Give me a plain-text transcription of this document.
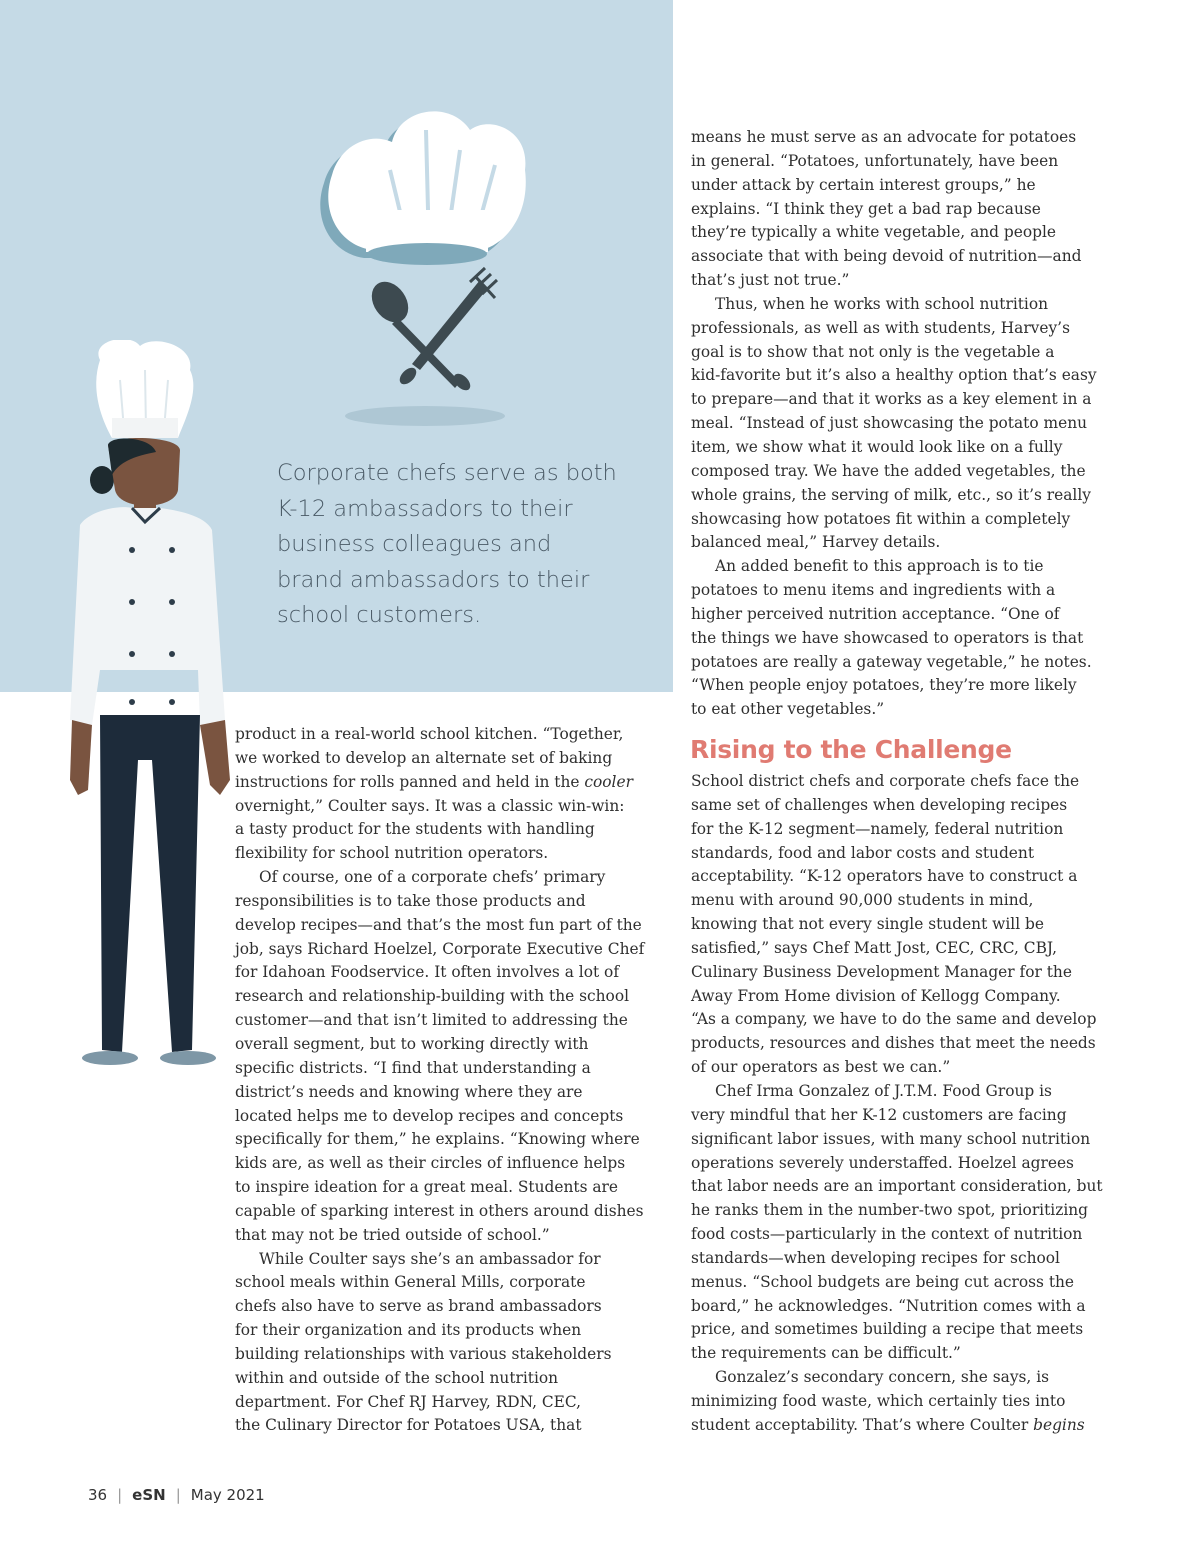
Corporate chefs serve as both K-12 ambassadors to their business colleagues and brand ambassadors to their school customers.

product in a real-world school kitchen. “Together,

we worked to develop an alternate set of baking

instructions for rolls panned and held in the cooler

overnight,” Coulter says. It was a classic win-win:

a tasty product for the students with handling

flexibility for school nutrition operators.

Of course, one of a corporate chefs’ primary

responsibilities is to take those products and

develop recipes—and that’s the most fun part of the

job, says Richard Hoelzel, Corporate Executive Chef

for Idahoan Foodservice. It often involves a lot of

research and relationship-building with the school

customer—and that isn’t limited to addressing the

overall segment, but to working directly with

specific districts. “I find that understanding a

district’s needs and knowing where they are

located helps me to develop recipes and concepts

specifically for them,” he explains. “Knowing where

kids are, as well as their circles of influence helps

to inspire ideation for a great meal. Students are

capable of sparking interest in others around dishes

that may not be tried outside of school.”

While Coulter says she’s an ambassador for

school meals within General Mills, corporate

chefs also have to serve as brand ambassadors

for their organization and its products when

building relationships with various stakeholders

within and outside of the school nutrition

department. For Chef RJ Harvey, RDN, CEC,

the Culinary Director for Potatoes USA, that

means he must serve as an advocate for potatoes

in general. “Potatoes, unfortunately, have been

under attack by certain interest groups,” he

explains. “I think they get a bad rap because

they’re typically a white vegetable, and people

associate that with being devoid of nutrition—and

that’s just not true.”

Thus, when he works with school nutrition

professionals, as well as with students, Harvey’s

goal is to show that not only is the vegetable a

kid-favorite but it’s also a healthy option that’s easy

to prepare—and that it works as a key element in a

meal. “Instead of just showcasing the potato menu

item, we show what it would look like on a fully

composed tray. We have the added vegetables, the

whole grains, the serving of milk, etc., so it’s really

showcasing how potatoes fit within a completely

balanced meal,” Harvey details.

An added benefit to this approach is to tie

potatoes to menu items and ingredients with a

higher perceived nutrition acceptance. “One of

the things we have showcased to operators is that

potatoes are really a gateway vegetable,” he notes.

“When people enjoy potatoes, they’re more likely

to eat other vegetables.”

Rising to the Challenge

School district chefs and corporate chefs face the

same set of challenges when developing recipes

for the K-12 segment—namely, federal nutrition

standards, food and labor costs and student

acceptability. “K-12 operators have to construct a

menu with around 90,000 students in mind,

knowing that not every single student will be

satisfied,” says Chef Matt Jost, CEC, CRC, CBJ,

Culinary Business Development Manager for the

Away From Home division of Kellogg Company.

“As a company, we have to do the same and develop

products, resources and dishes that meet the needs

of our operators as best we can.”

Chef Irma Gonzalez of J.T.M. Food Group is

very mindful that her K-12 customers are facing

significant labor issues, with many school nutrition

operations severely understaffed. Hoelzel agrees

that labor needs are an important consideration, but

he ranks them in the number-two spot, prioritizing

food costs—particularly in the context of nutrition

standards—when developing recipes for school

menus. “School budgets are being cut across the

board,” he acknowledges. “Nutrition comes with a

price, and sometimes building a recipe that meets

the requirements can be difficult.”

Gonzalez’s secondary concern, she says, is

minimizing food waste, which certainly ties into

student acceptability. That’s where Coulter begins

36 | eSN | May 2021
